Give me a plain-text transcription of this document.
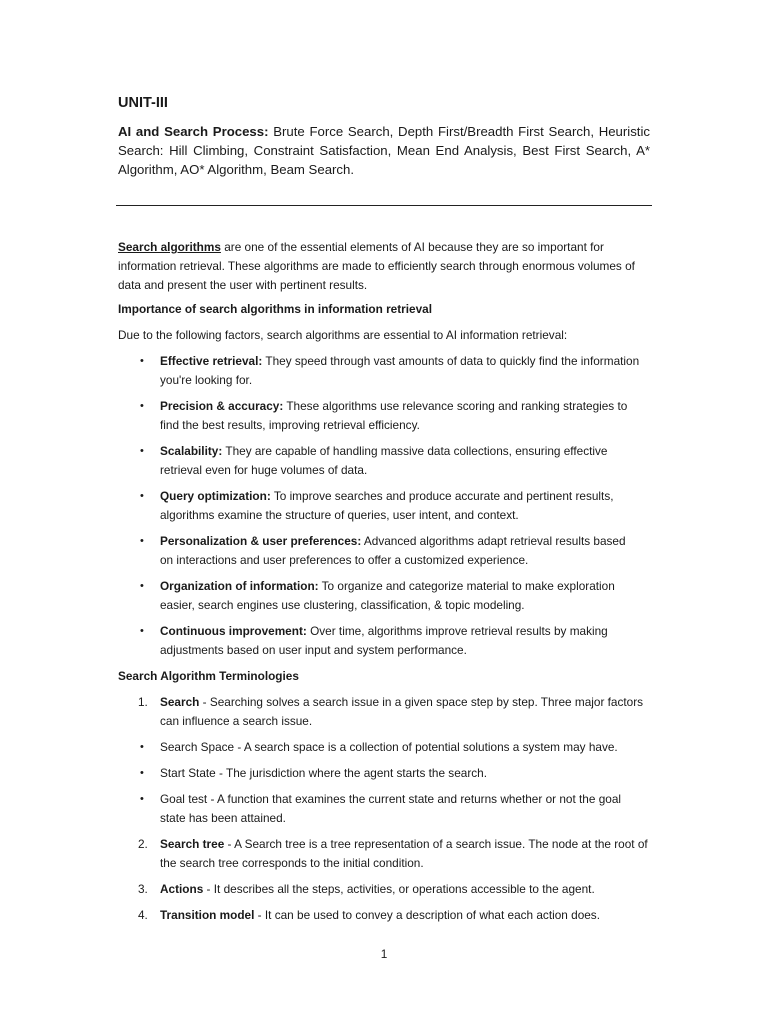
UNIT-III

AI and Search Process: Brute Force Search, Depth First/Breadth First Search, Heuristic Search: Hill Climbing, Constraint Satisfaction, Mean End Analysis, Best First Search, A* Algorithm, AO* Algorithm, Beam Search.

Search algorithms are one of the essential elements of AI because they are so important for information retrieval. These algorithms are made to efficiently search through enormous volumes of data and present the user with pertinent results.

Importance of search algorithms in information retrieval

Due to the following factors, search algorithms are essential to AI information retrieval:

• Effective retrieval: They speed through vast amounts of data to quickly find the information you're looking for.
• Precision & accuracy: These algorithms use relevance scoring and ranking strategies to find the best results, improving retrieval efficiency.
• Scalability: They are capable of handling massive data collections, ensuring effective retrieval even for huge volumes of data.
• Query optimization: To improve searches and produce accurate and pertinent results, algorithms examine the structure of queries, user intent, and context.
• Personalization & user preferences: Advanced algorithms adapt retrieval results based on interactions and user preferences to offer a customized experience.
• Organization of information: To organize and categorize material to make exploration easier, search engines use clustering, classification, & topic modeling.
• Continuous improvement: Over time, algorithms improve retrieval results by making adjustments based on user input and system performance.

Search Algorithm Terminologies

1. Search - Searching solves a search issue in a given space step by step. Three major factors can influence a search issue.
• Search Space - A search space is a collection of potential solutions a system may have.
• Start State - The jurisdiction where the agent starts the search.
• Goal test - A function that examines the current state and returns whether or not the goal state has been attained.
2. Search tree - A Search tree is a tree representation of a search issue. The node at the root of the search tree corresponds to the initial condition.
3. Actions - It describes all the steps, activities, or operations accessible to the agent.
4. Transition model - It can be used to convey a description of what each action does.
1
